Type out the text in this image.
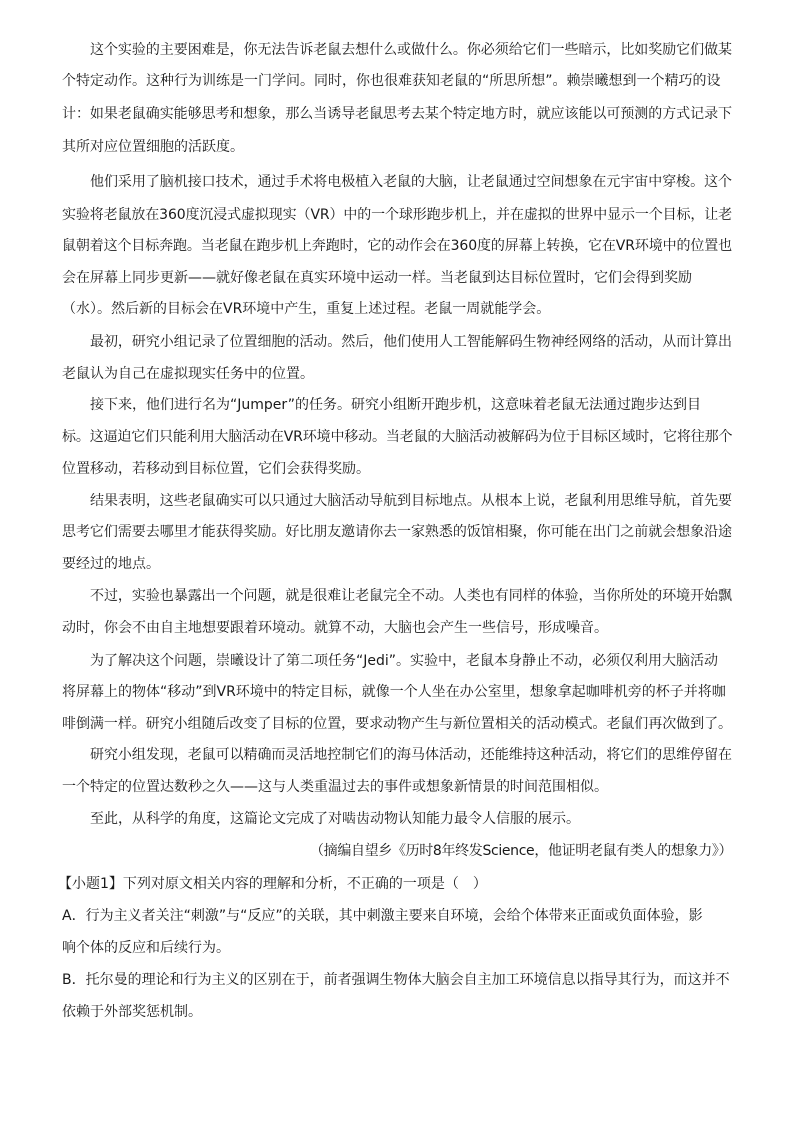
这个实验的主要困难是，你无法告诉老鼠去想什么或做什么。你必须给它们一些暗示，比如奖励它们做某
个特定动作。这种行为训练是一门学问。同时，你也很难获知老鼠的“所思所想”。赖崇曦想到一个精巧的设
计：如果老鼠确实能够思考和想象，那么当诱导老鼠思考去某个特定地方时，就应该能以可预测的方式记录下
其所对应位置细胞的活跃度。
他们采用了脑机接口技术，通过手术将电极植入老鼠的大脑，让老鼠通过空间想象在元宇宙中穿梭。这个
实验将老鼠放在360度沉浸式虚拟现实（VR）中的一个球形跑步机上，并在虚拟的世界中显示一个目标，让老
鼠朝着这个目标奔跑。当老鼠在跑步机上奔跑时，它的动作会在360度的屏幕上转换，它在VR环境中的位置也
会在屏幕上同步更新——就好像老鼠在真实环境中运动一样。当老鼠到达目标位置时，它们会得到奖励
（水）。然后新的目标会在VR环境中产生，重复上述过程。老鼠一周就能学会。
最初，研究小组记录了位置细胞的活动。然后，他们使用人工智能解码生物神经网络的活动，从而计算出
老鼠认为自己在虚拟现实任务中的位置。
接下来，他们进行名为“Jumper”的任务。研究小组断开跑步机，这意味着老鼠无法通过跑步达到目
标。这逼迫它们只能利用大脑活动在VR环境中移动。当老鼠的大脑活动被解码为位于目标区域时，它将往那个
位置移动，若移动到目标位置，它们会获得奖励。
结果表明，这些老鼠确实可以只通过大脑活动导航到目标地点。从根本上说，老鼠利用思维导航，首先要
思考它们需要去哪里才能获得奖励。好比朋友邀请你去一家熟悉的饭馆相聚，你可能在出门之前就会想象沿途
要经过的地点。
不过，实验也暴露出一个问题，就是很难让老鼠完全不动。人类也有同样的体验，当你所处的环境开始飘
动时，你会不由自主地想要跟着环境动。就算不动，大脑也会产生一些信号，形成噪音。
为了解决这个问题，崇曦设计了第二项任务“Jedi”。实验中，老鼠本身静止不动，必须仅利用大脑活动
将屏幕上的物体“移动”到VR环境中的特定目标，就像一个人坐在办公室里，想象拿起咖啡机旁的杯子并将咖
啡倒满一样。研究小组随后改变了目标的位置，要求动物产生与新位置相关的活动模式。老鼠们再次做到了。
研究小组发现，老鼠可以精确而灵活地控制它们的海马体活动，还能维持这种活动，将它们的思维停留在
一个特定的位置达数秒之久——这与人类重温过去的事件或想象新情景的时间范围相似。
至此，从科学的角度，这篇论文完成了对啮齿动物认知能力最令人信服的展示。
（摘编自望乡《历时8年终发Science，他证明老鼠有类人的想象力》）
【小题1】下列对原文相关内容的理解和分析，不正确的一项是（　）
A．行为主义者关注“刺激”与“反应”的关联，其中刺激主要来自环境，会给个体带来正面或负面体验，影
响个体的反应和后续行为。
B．托尔曼的理论和行为主义的区别在于，前者强调生物体大脑会自主加工环境信息以指导其行为，而这并不
依赖于外部奖惩机制。
